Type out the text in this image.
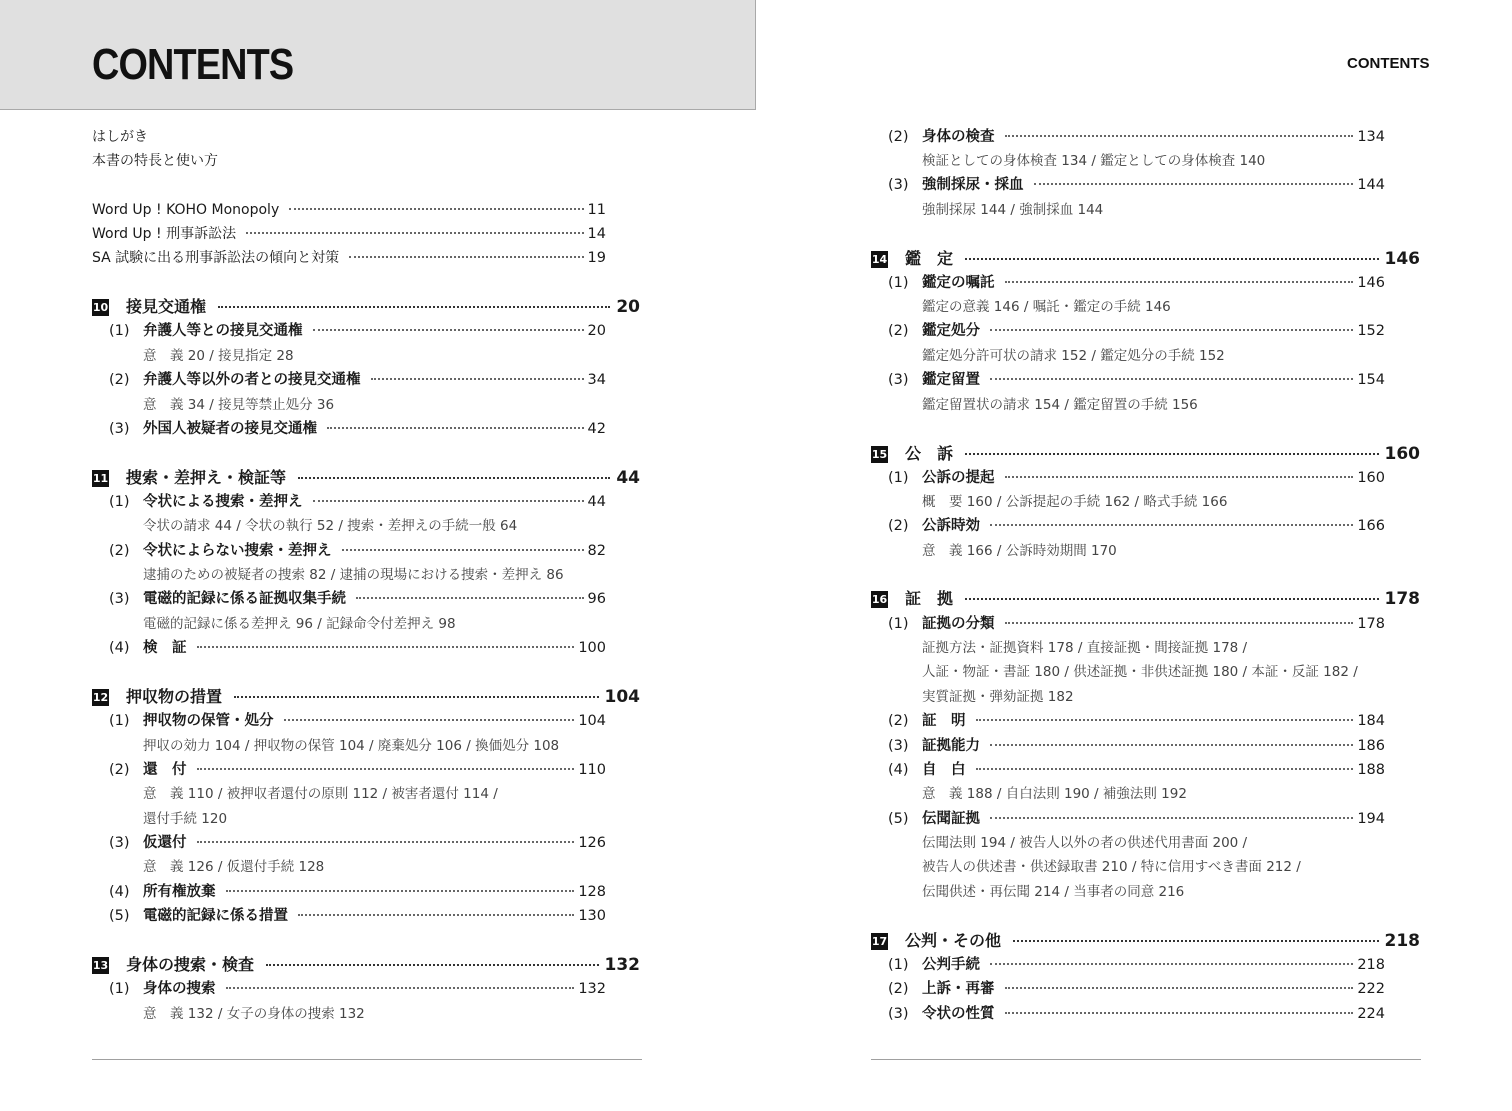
CONTENTS	CONTENTS
はしがき
本書の特長と使い方
Word Up ! KOHO Monopoly	11
Word Up ! 刑事訴訟法	14
SA 試験に出る刑事訴訟法の傾向と対策	19
10 接見交通権	20
(1) 弁護人等との接見交通権	20
意　義 20 / 接見指定 28
(2) 弁護人等以外の者との接見交通権	34
意　義 34 / 接見等禁止処分 36
(3) 外国人被疑者の接見交通権	42
11 捜索・差押え・検証等	44
(1) 令状による捜索・差押え	44
令状の請求 44 / 令状の執行 52 / 捜索・差押えの手続一般 64
(2) 令状によらない捜索・差押え	82
逮捕のための被疑者の捜索 82 / 逮捕の現場における捜索・差押え 86
(3) 電磁的記録に係る証拠収集手続	96
電磁的記録に係る差押え 96 / 記録命令付差押え 98
(4) 検　証	100
12 押収物の措置	104
(1) 押収物の保管・処分	104
押収の効力 104 / 押収物の保管 104 / 廃棄処分 106 / 換価処分 108
(2) 還　付	110
意　義 110 / 被押収者還付の原則 112 / 被害者還付 114 /
還付手続 120
(3) 仮還付	126
意　義 126 / 仮還付手続 128
(4) 所有権放棄	128
(5) 電磁的記録に係る措置	130
13 身体の捜索・検査	132
(1) 身体の捜索	132
意　義 132 / 女子の身体の捜索 132
(2) 身体の検査	134
検証としての身体検査 134 / 鑑定としての身体検査 140
(3) 強制採尿・採血	144
強制採尿 144 / 強制採血 144
14 鑑　定	146
(1) 鑑定の嘱託	146
鑑定の意義 146 / 嘱託・鑑定の手続 146
(2) 鑑定処分	152
鑑定処分許可状の請求 152 / 鑑定処分の手続 152
(3) 鑑定留置	154
鑑定留置状の請求 154 / 鑑定留置の手続 156
15 公　訴	160
(1) 公訴の提起	160
概　要 160 / 公訴提起の手続 162 / 略式手続 166
(2) 公訴時効	166
意　義 166 / 公訴時効期間 170
16 証　拠	178
(1) 証拠の分類	178
証拠方法・証拠資料 178 / 直接証拠・間接証拠 178 /
人証・物証・書証 180 / 供述証拠・非供述証拠 180 / 本証・反証 182 /
実質証拠・弾劾証拠 182
(2) 証　明	184
(3) 証拠能力	186
(4) 自　白	188
意　義 188 / 自白法則 190 / 補強法則 192
(5) 伝聞証拠	194
伝聞法則 194 / 被告人以外の者の供述代用書面 200 /
被告人の供述書・供述録取書 210 / 特に信用すべき書面 212 /
伝聞供述・再伝聞 214 / 当事者の同意 216
17 公判・その他	218
(1) 公判手続	218
(2) 上訴・再審	222
(3) 令状の性質	224
